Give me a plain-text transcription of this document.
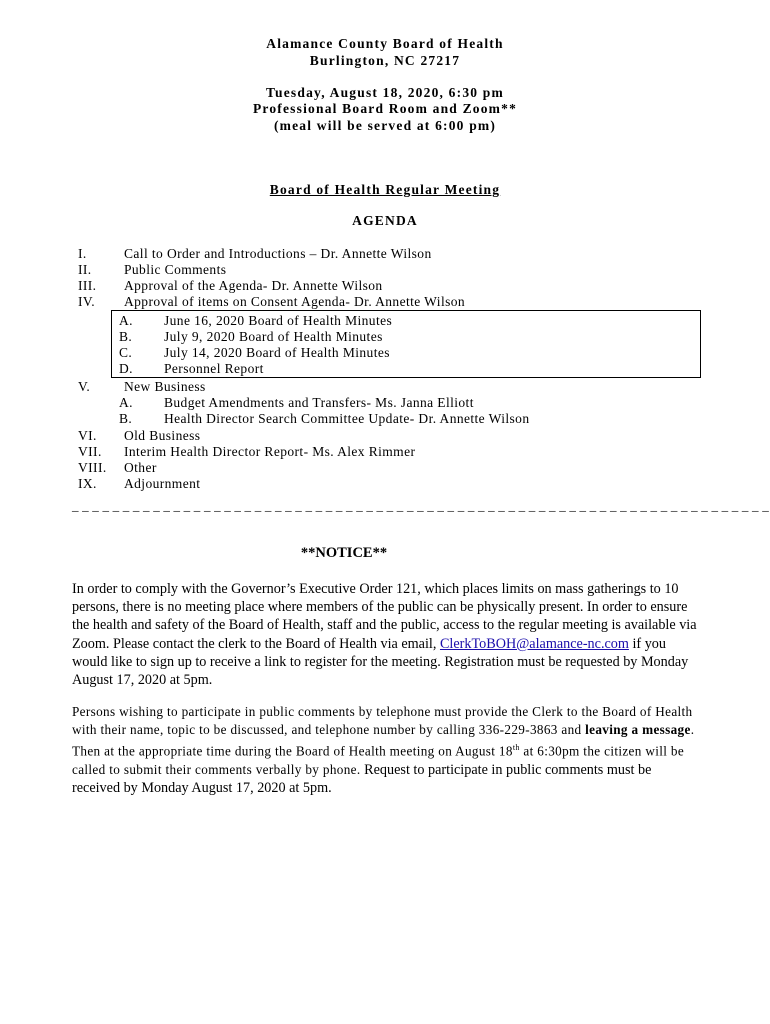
Alamance County Board of Health
Burlington, NC 27217
Tuesday, August 18, 2020, 6:30 pm
Professional Board Room and Zoom**
(meal will be served at 6:00 pm)
Board of Health Regular Meeting
AGENDA
I.	Call to Order and Introductions – Dr. Annette Wilson
II. Public Comments
III. Approval of the Agenda- Dr. Annette Wilson
IV. Approval of items on Consent Agenda- Dr. Annette Wilson
A. June 16, 2020 Board of Health Minutes
B. July 9, 2020 Board of Health Minutes
C. July 14, 2020 Board of Health Minutes
D. Personnel Report
V.	New Business
A. Budget Amendments and Transfers- Ms. Janna Elliott
B. Health Director Search Committee Update- Dr. Annette Wilson
VI. Old Business
VII. Interim Health Director Report- Ms. Alex Rimmer
VIII. Other
IX. Adjournment
_ _ _ _ _ _ _ _ _ _ _ _ _ _ _ _ _ _ _ _ _ _ _ _ _ _ _ _ _ _ _ _ _ _ _ _ _ _ _ _ _ _ _ _ _ _ _ _ _ _ _ _ _ _ _ _ _ _ _ _ _ _ _ _ _ _ _ _ _
**NOTICE**
In order to comply with the Governor’s Executive Order 121, which places limits on mass gatherings to 10 persons, there is no meeting place where members of the public can be physically present. In order to ensure the health and safety of the Board of Health, staff and the public, access to the regular meeting is available via Zoom. Please contact the clerk to the Board of Health via email, ClerkToBOH@alamance-nc.com if you would like to sign up to receive a link to register for the meeting. Registration must be requested by Monday August 17, 2020 at 5pm.
Persons wishing to participate in public comments by telephone must provide the Clerk to the Board of Health with their name, topic to be discussed, and telephone number by calling 336-229-3863 and leaving a message. Then at the appropriate time during the Board of Health meeting on August 18th at 6:30pm the citizen will be called to submit their comments verbally by phone. Request to participate in public comments must be received by Monday August 17, 2020 at 5pm.
